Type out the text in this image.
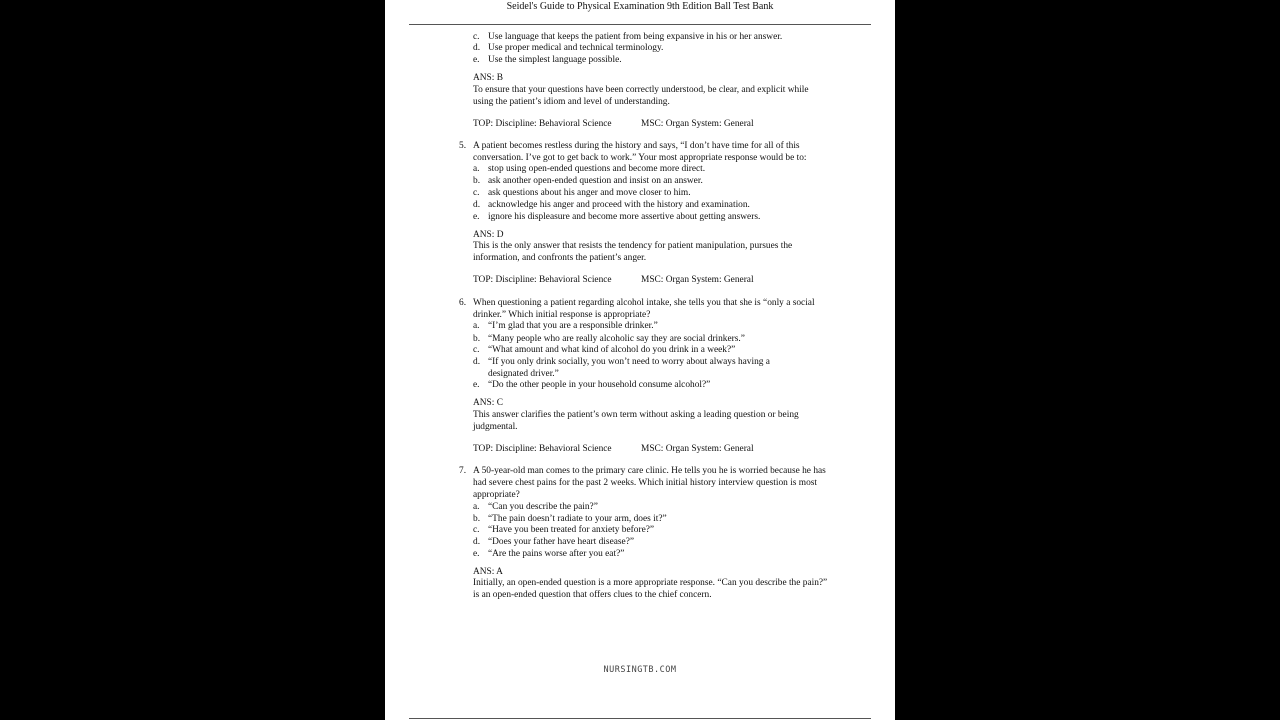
Seidel's Guide to Physical Examination 9th Edition Ball Test Bank
c. Use language that keeps the patient from being expansive in his or her answer.
d. Use proper medical and technical terminology.
e. Use the simplest language possible.
ANS: B
To ensure that your questions have been correctly understood, be clear, and explicit while
using the patient’s idiom and level of understanding.
TOP: Discipline: Behavioral Science	MSC: Organ System: General
5. A patient becomes restless during the history and says, “I don’t have time for all of this
conversation. I’ve got to get back to work.” Your most appropriate response would be to:
a. stop using open-ended questions and become more direct.
b. ask another open-ended question and insist on an answer.
c. ask questions about his anger and move closer to him.
d. acknowledge his anger and proceed with the history and examination.
e. ignore his displeasure and become more assertive about getting answers.
ANS: D
This is the only answer that resists the tendency for patient manipulation, pursues the
information, and confronts the patient’s anger.
TOP: Discipline: Behavioral Science	MSC: Organ System: General
6. When questioning a patient regarding alcohol intake, she tells you that she is “only a social
drinker.” Which initial response is appropriate?
a. “I’m glad that you are a responsible drinker.”
b. “Many people who are really alcoholic say they are social drinkers.”
c. “What amount and what kind of alcohol do you drink in a week?”
d. “If you only drink socially, you won’t need to worry about always having a
designated driver.”
e. “Do the other people in your household consume alcohol?”
ANS: C
This answer clarifies the patient’s own term without asking a leading question or being
judgmental.
TOP: Discipline: Behavioral Science	MSC: Organ System: General
7. A 50-year-old man comes to the primary care clinic. He tells you he is worried because he has
had severe chest pains for the past 2 weeks. Which initial history interview question is most
appropriate?
a. “Can you describe the pain?”
b. “The pain doesn’t radiate to your arm, does it?”
c. “Have you been treated for anxiety before?”
d. “Does your father have heart disease?”
e. “Are the pains worse after you eat?”
ANS: A
Initially, an open-ended question is a more appropriate response. “Can you describe the pain?”
is an open-ended question that offers clues to the chief concern.
NURSINGTB.COM
